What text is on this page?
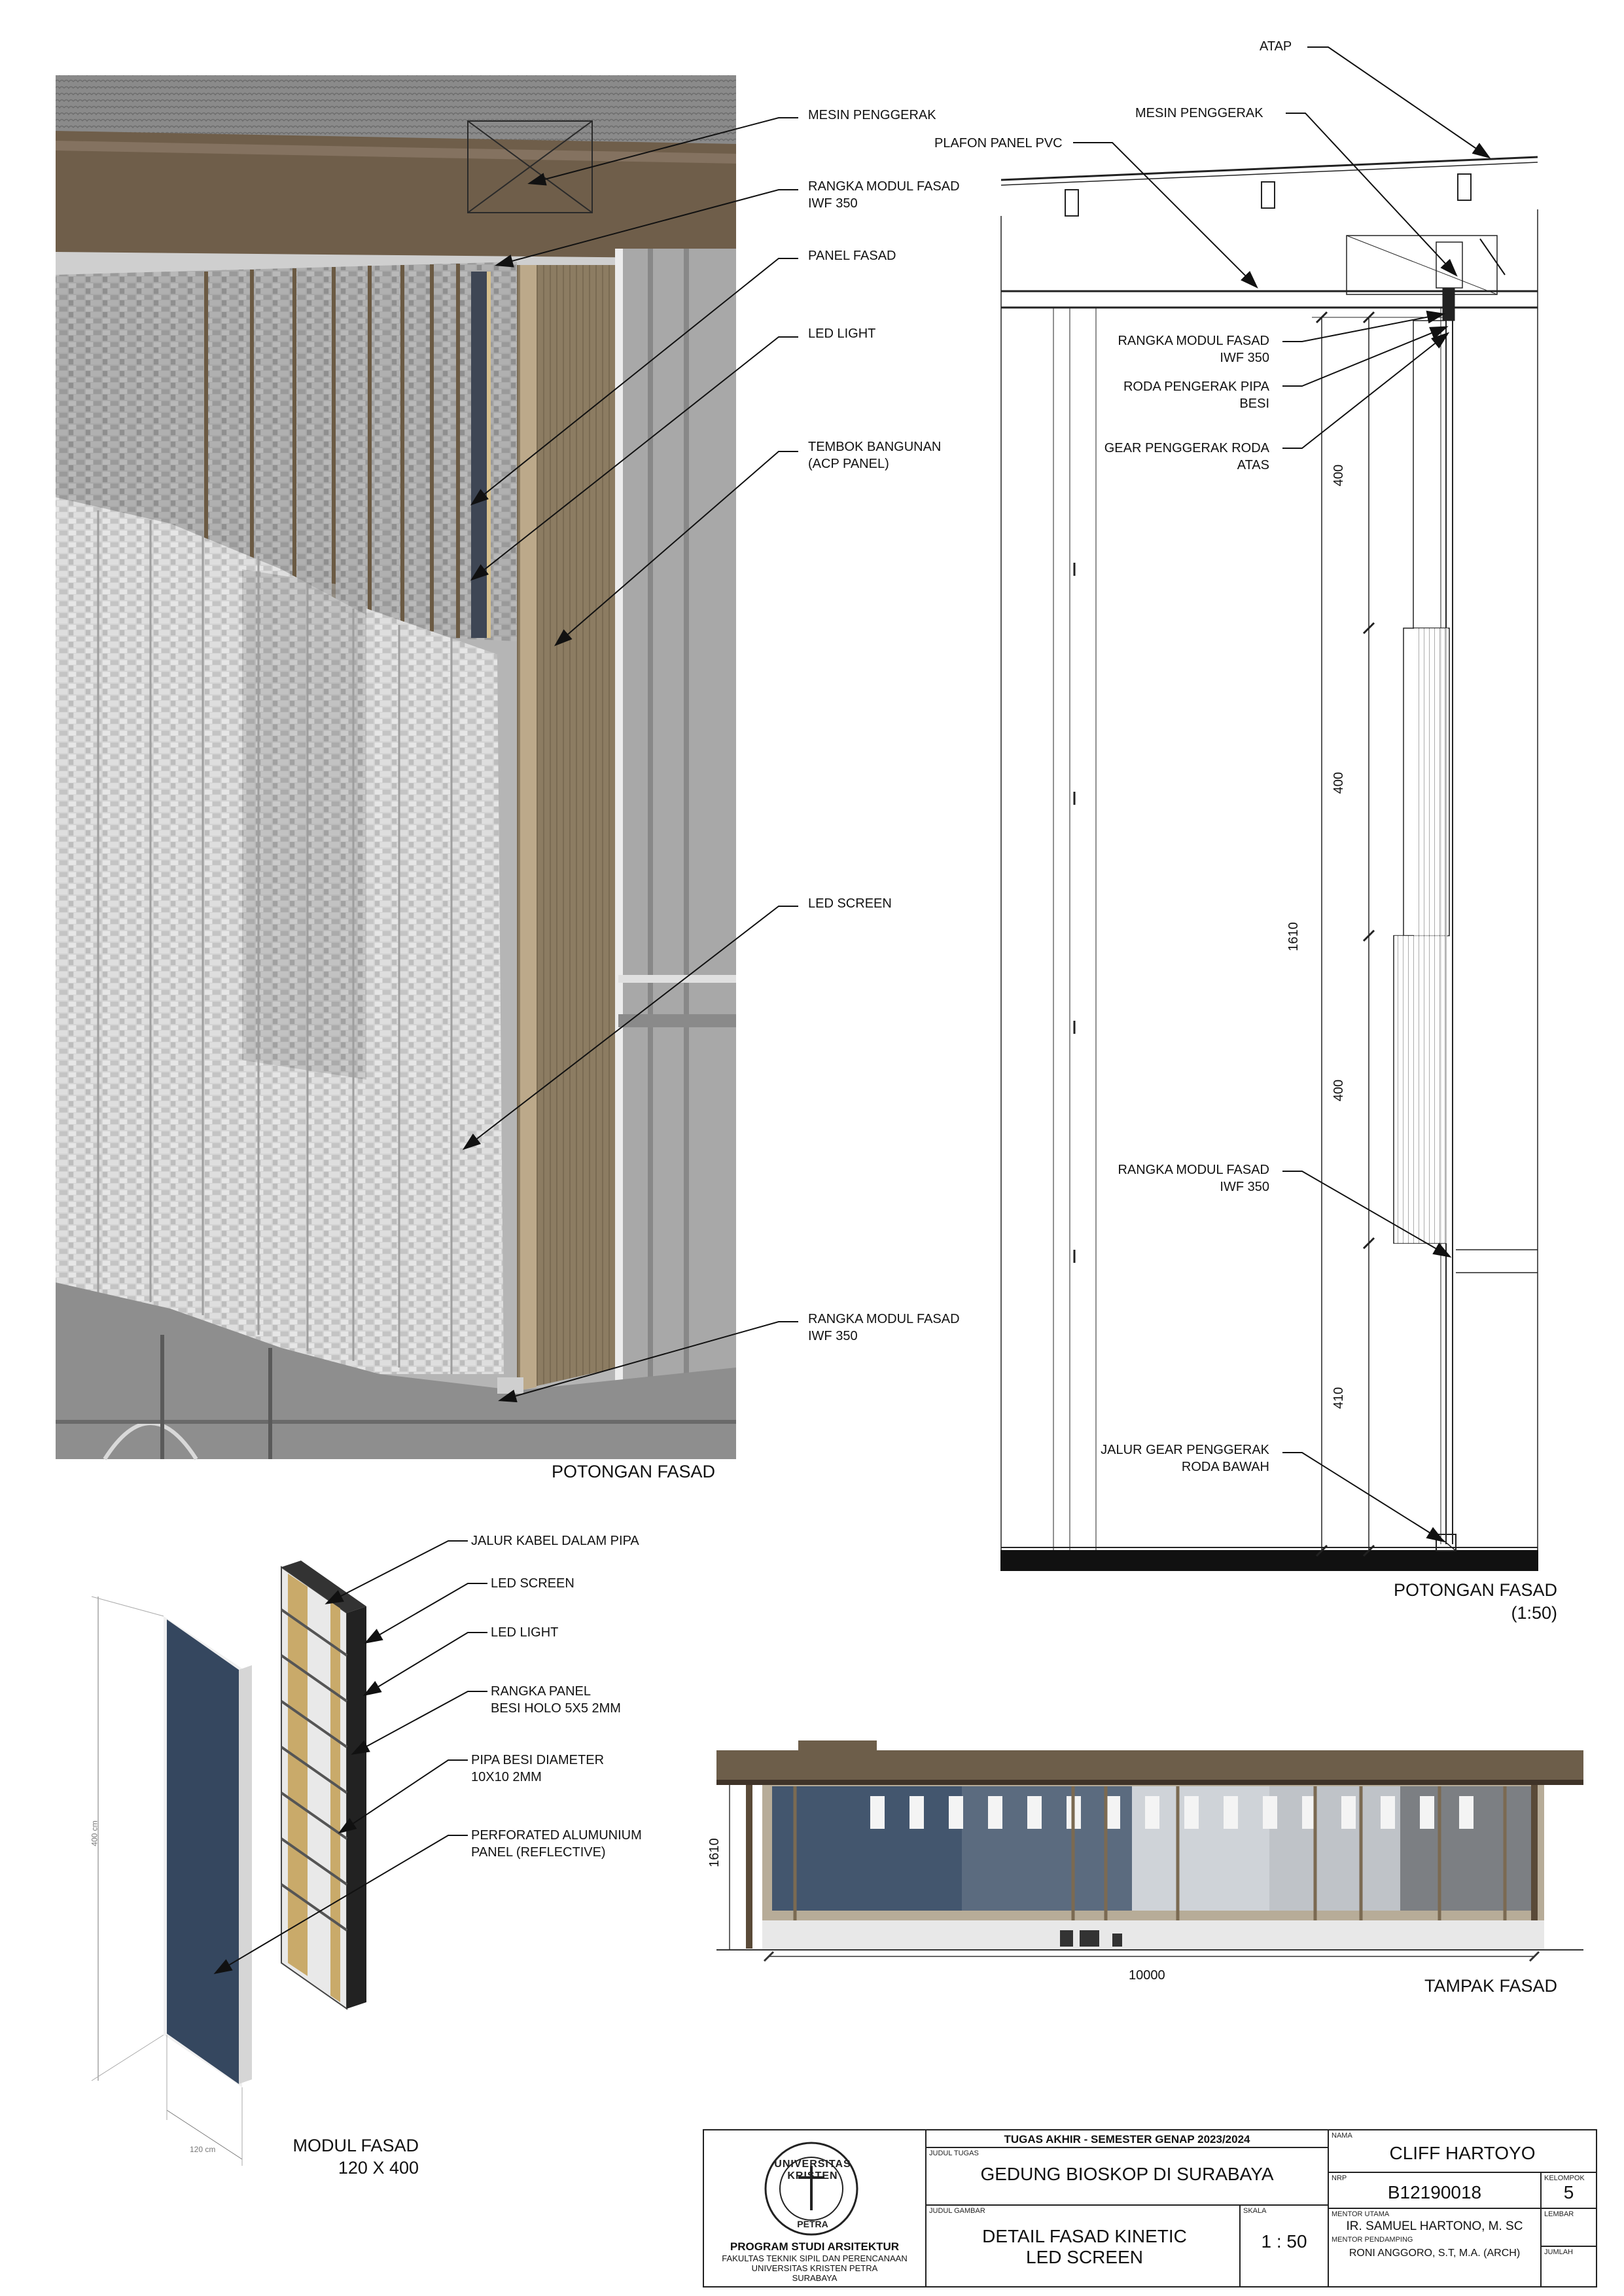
MESIN PENGGERAK
RANGKA MODUL FASAD
IWF 350
PANEL FASAD
LED LIGHT
TEMBOK BANGUNAN
(ACP PANEL)
LED SCREEN
RANGKA MODUL FASAD
IWF 350
POTONGAN FASAD
ATAP
MESIN PENGGERAK
PLAFON PANEL PVC
RANGKA MODUL FASAD
IWF 350
RODA PENGERAK PIPA
BESI
GEAR PENGGERAK RODA
ATAS
RANGKA MODUL FASAD
IWF 350
JALUR GEAR PENGGERAK
RODA BAWAH
1610
400
400
400
410
POTONGAN FASAD
(1:50)
JALUR KABEL DALAM PIPA
LED SCREEN
LED LIGHT
RANGKA PANEL
BESI HOLO 5X5 2MM
PIPA BESI DIAMETER
10X10 2MM
PERFORATED ALUMUNIUM
PANEL (REFLECTIVE)
400 cm
120 cm	MODUL FASAD
120 X 400
1610
10000
TAMPAK FASAD
UNIVERSITAS KRISTEN
PETRA
PROGRAM STUDI ARSITEKTUR
FAKULTAS TEKNIK SIPIL DAN PERENCANAAN
UNIVERSITAS KRISTEN PETRA
SURABAYA
TUGAS AKHIR - SEMESTER GENAP 2023/2024
JUDUL TUGAS
GEDUNG BIOSKOP DI SURABAYA
JUDUL GAMBAR
DETAIL FASAD KINETIC
LED SCREEN
SKALA
1 : 50
NAMA
CLIFF HARTOYO
NRP
B12190018
KELOMPOK
5
MENTOR UTAMA
IR. SAMUEL HARTONO, M. SC
MENTOR PENDAMPING
RONI ANGGORO, S.T, M.A. (ARCH)
LEMBAR
JUMLAH
